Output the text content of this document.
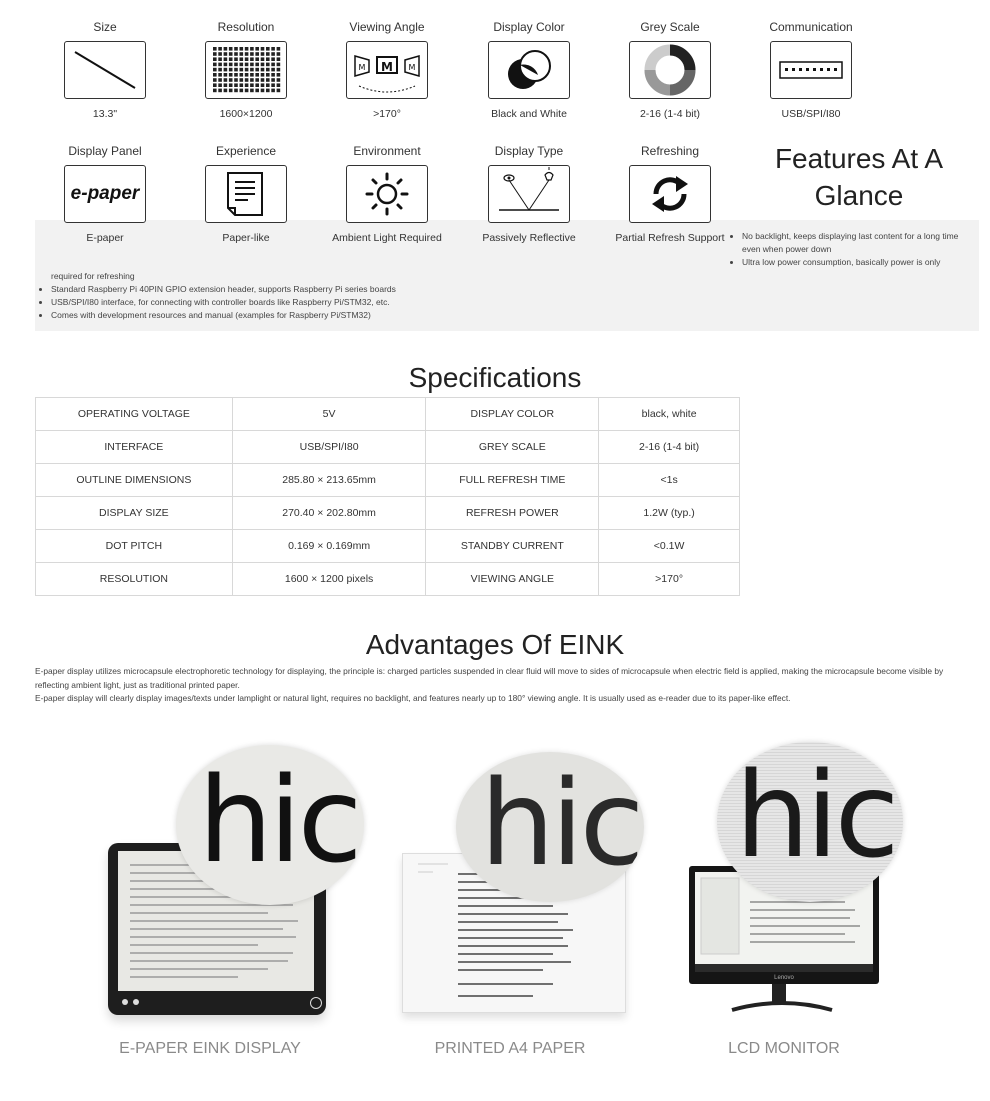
Size
13.3"
Resolution
1600×1200
Viewing Angle
M
M	M
>170°
Display Color
Black and White
Grey Scale
2-16 (1-4 bit)
Communication
USB/SPI/I80
Display Panel
e-paper
E-paper
Experience
Paper-like
Environment
Ambient Light Required
Display Type
Passively Reflective
Refreshing
Partial Refresh Support
Features At A Glance
• No backlight, keeps displaying last content for a long time even when power down
• Ultra low power consumption, basically power is only
required for refreshing
• Standard Raspberry Pi 40PIN GPIO extension header, supports Raspberry Pi series boards
• USB/SPI/I80 interface, for connecting with controller boards like Raspberry Pi/STM32, etc.
• Comes with development resources and manual (examples for Raspberry Pi/STM32)
Specifications
OPERATING VOLTAGE	5V	DISPLAY COLOR	black, white
INTERFACE	USB/SPI/I80	GREY SCALE	2-16 (1-4 bit)
OUTLINE DIMENSIONS	285.80 × 213.65mm	FULL REFRESH TIME	<1s
DISPLAY SIZE	270.40 × 202.80mm	REFRESH POWER	1.2W (typ.)
DOT PITCH	0.169 × 0.169mm	STANDBY CURRENT	<0.1W
RESOLUTION	1600 × 1200 pixels	VIEWING ANGLE	>170°
Advantages Of EINK
E-paper display utilizes microcapsule electrophoretic technology for displaying, the principle is: charged particles suspended in clear fluid will move to sides of microcapsule when electric field is applied, making the microcapsule become visible by reflecting ambient light, just as traditional printed paper.
E-paper display will clearly display images/texts under lamplight or natural light, requires no backlight, and features nearly up to 180° viewing angle. It is usually used as e-reader due to its paper-like effect.
hic
E-PAPER EINK DISPLAY
hic
PRINTED A4 PAPER
Lenovo
hic
LCD MONITOR
